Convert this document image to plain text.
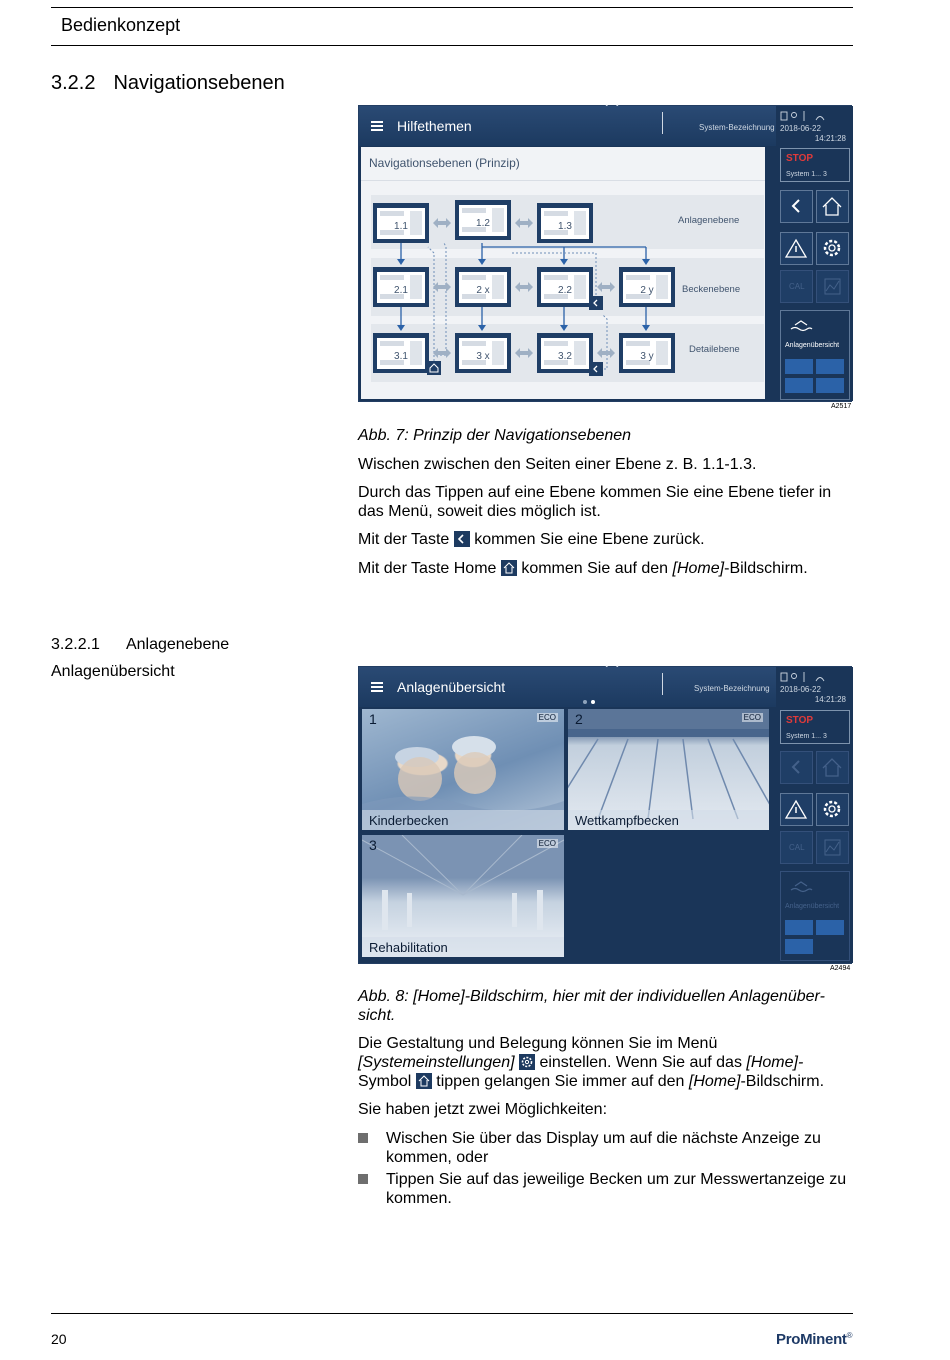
Bedienkonzept
3.2.2 Navigationsebenen
Hilfethemen	System-Bezeichnung
Navigationsebenen (Prinzip)
Anlagenebene
Beckenebene
Detailebene
1.1	1.2	1.3
2.1	2 x	2.2	2 y
3.1	3 x	3.2	3 y
2018-06-22
14:21:28
STOP
System 1... 3
CAL
Anlagenübersicht
A2517
Abb. 7: Prinzip der Navigationsebenen
Wischen zwischen den Seiten einer Ebene z. B. 1.1-1.3.
Durch das Tippen auf eine Ebene kommen Sie eine Ebene tiefer in das Menü, soweit dies möglich ist.
Mit der Taste kommen Sie eine Ebene zurück.
Mit der Taste Home kommen Sie auf den [Home]-Bildschirm.
3.2.2.1 Anlagenebene
Anlagenübersicht
Anlagenübersicht	System-Bezeichnung
1	ECO
Kinderbecken
2	ECO
Wettkampfbecken
3	ECO
Rehabilitation
2018-06-22
14:21:28
STOP
System 1... 3
CAL
Anlagenübersicht
A2494
Abb. 8: [Home]-Bildschirm, hier mit der individuellen Anlagenüber-sicht.
Die Gestaltung und Belegung können Sie im Menü [Systemeinstellungen] einstellen. Wenn Sie auf das [Home]- Symbol tippen gelangen Sie immer auf den [Home]-Bildschirm.
Sie haben jetzt zwei Möglichkeiten:
Wischen Sie über das Display um auf die nächste Anzeige zu kommen, oder
Tippen Sie auf das jeweilige Becken um zur Messwertanzeige zu kommen.
20	ProMinent®
